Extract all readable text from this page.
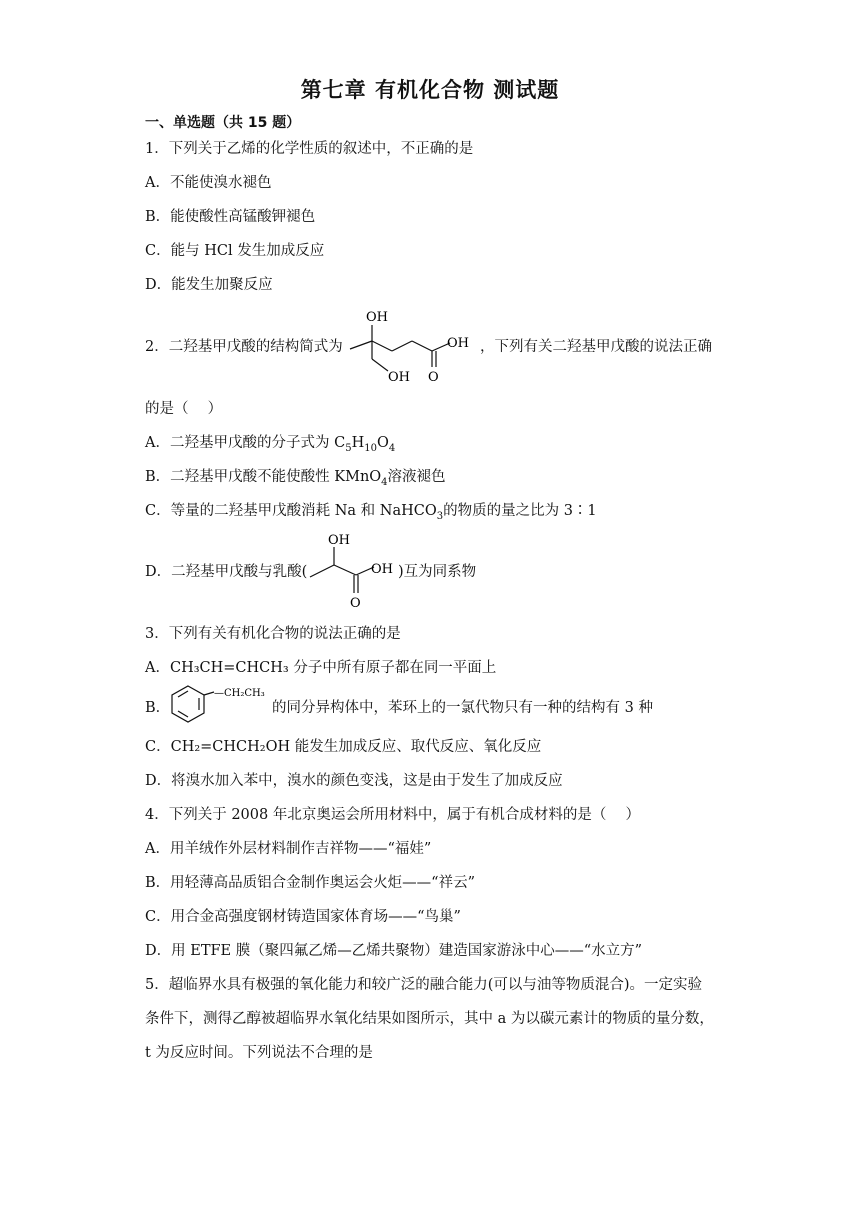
第七章 有机化合物 测试题
一、单选题（共 15 题）
1．下列关于乙烯的化学性质的叙述中，不正确的是
A．不能使溴水褪色
B．能使酸性高锰酸钾褪色
C．能与 HCl 发生加成反应
D．能发生加聚反应
2．二羟基甲戊酸的结构简式为
OH
OH
OH
O
，下列有关二羟基甲戊酸的说法正确
的是（　 ）
A．二羟基甲戊酸的分子式为 $C_5H_{10}O_4$
B．二羟基甲戊酸不能使酸性 KMnO$_4$溶液褪色
C．等量的二羟基甲戊酸消耗 Na 和 NaHCO$_3$的物质的量之比为 3∶1
D．二羟基甲戊酸与乳酸(
OH
OH
O
)互为同系物
3．下列有关有机化合物的说法正确的是
A．CH₃CH=CHCH₃ 分子中所有原子都在同一平面上
B．
—CH₂CH₃
的同分异构体中，苯环上的一氯代物只有一种的结构有 3 种
C．CH₂=CHCH₂OH 能发生加成反应、取代反应、氧化反应
D．将溴水加入苯中，溴水的颜色变浅，这是由于发生了加成反应
4．下列关于 2008 年北京奥运会所用材料中，属于有机合成材料的是（　 ）
A．用羊绒作外层材料制作吉祥物——“福娃”
B．用轻薄高品质铝合金制作奥运会火炬——“祥云”
C．用合金高强度钢材铸造国家体育场——“鸟巢”
D．用 ETFE 膜（聚四氟乙烯—乙烯共聚物）建造国家游泳中心——“水立方”
5．超临界水具有极强的氧化能力和较广泛的融合能力(可以与油等物质混合)。一定实验
条件下，测得乙醇被超临界水氧化结果如图所示，其中 a 为以碳元素计的物质的量分数，
t 为反应时间。下列说法不合理的是
